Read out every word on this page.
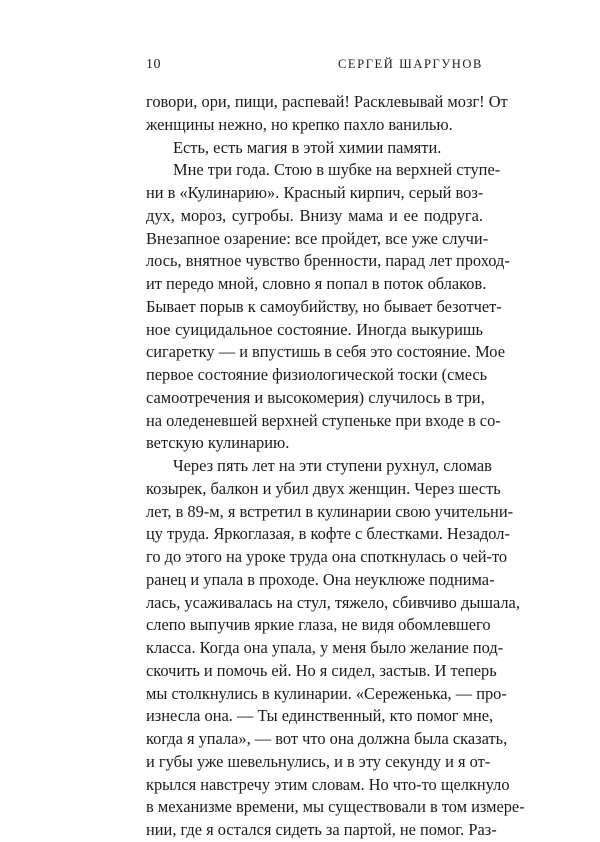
10	СЕРГЕЙ ШАРГУНОВ
говори, ори, пищи, распевай! Расклевывай мозг! От
женщины нежно, но крепко пахло ванилью.
Есть, есть магия в этой химии памяти.
Мне три года. Стою в шубке на верхней ступе-
ни в «Кулинарию». Красный кирпич, серый воз-
дух, мороз, сугробы. Внизу мама и ее подруга.
Внезапное озарение: все пройдет, все уже случи-
лось, внятное чувство бренности, парад лет проход-
ит передо мной, словно я попал в поток облаков.
Бывает порыв к самоубийству, но бывает безотчет-
ное суицидальное состояние. Иногда выкуришь
сигаретку — и впустишь в себя это состояние. Мое
первое состояние физиологической тоски (смесь
самоотречения и высокомерия) случилось в три,
на оледеневшей верхней ступеньке при входе в со-
ветскую кулинарию.
Через пять лет на эти ступени рухнул, сломав
козырек, балкон и убил двух женщин. Через шесть
лет, в 89-м, я встретил в кулинарии свою учительни-
цу труда. Яркоглазая, в кофте с блестками. Незадол-
го до этого на уроке труда она споткнулась о чей-то
ранец и упала в проходе. Она неуклюже поднима-
лась, усаживалась на стул, тяжело, сбивчиво дышала,
слепо выпучив яркие глаза, не видя обомлевшего
класса. Когда она упала, у меня было желание под-
скочить и помочь ей. Но я сидел, застыв. И теперь
мы столкнулись в кулинарии. «Сереженька, — про-
изнесла она. — Ты единственный, кто помог мне,
когда я упала», — вот что она должна была сказать,
и губы уже шевельнулись, и в эту секунду и я от-
крылся навстречу этим словам. Но что-то щелкнуло
в механизме времени, мы существовали в том измере-
нии, где я остался сидеть за партой, не помог. Раз-
